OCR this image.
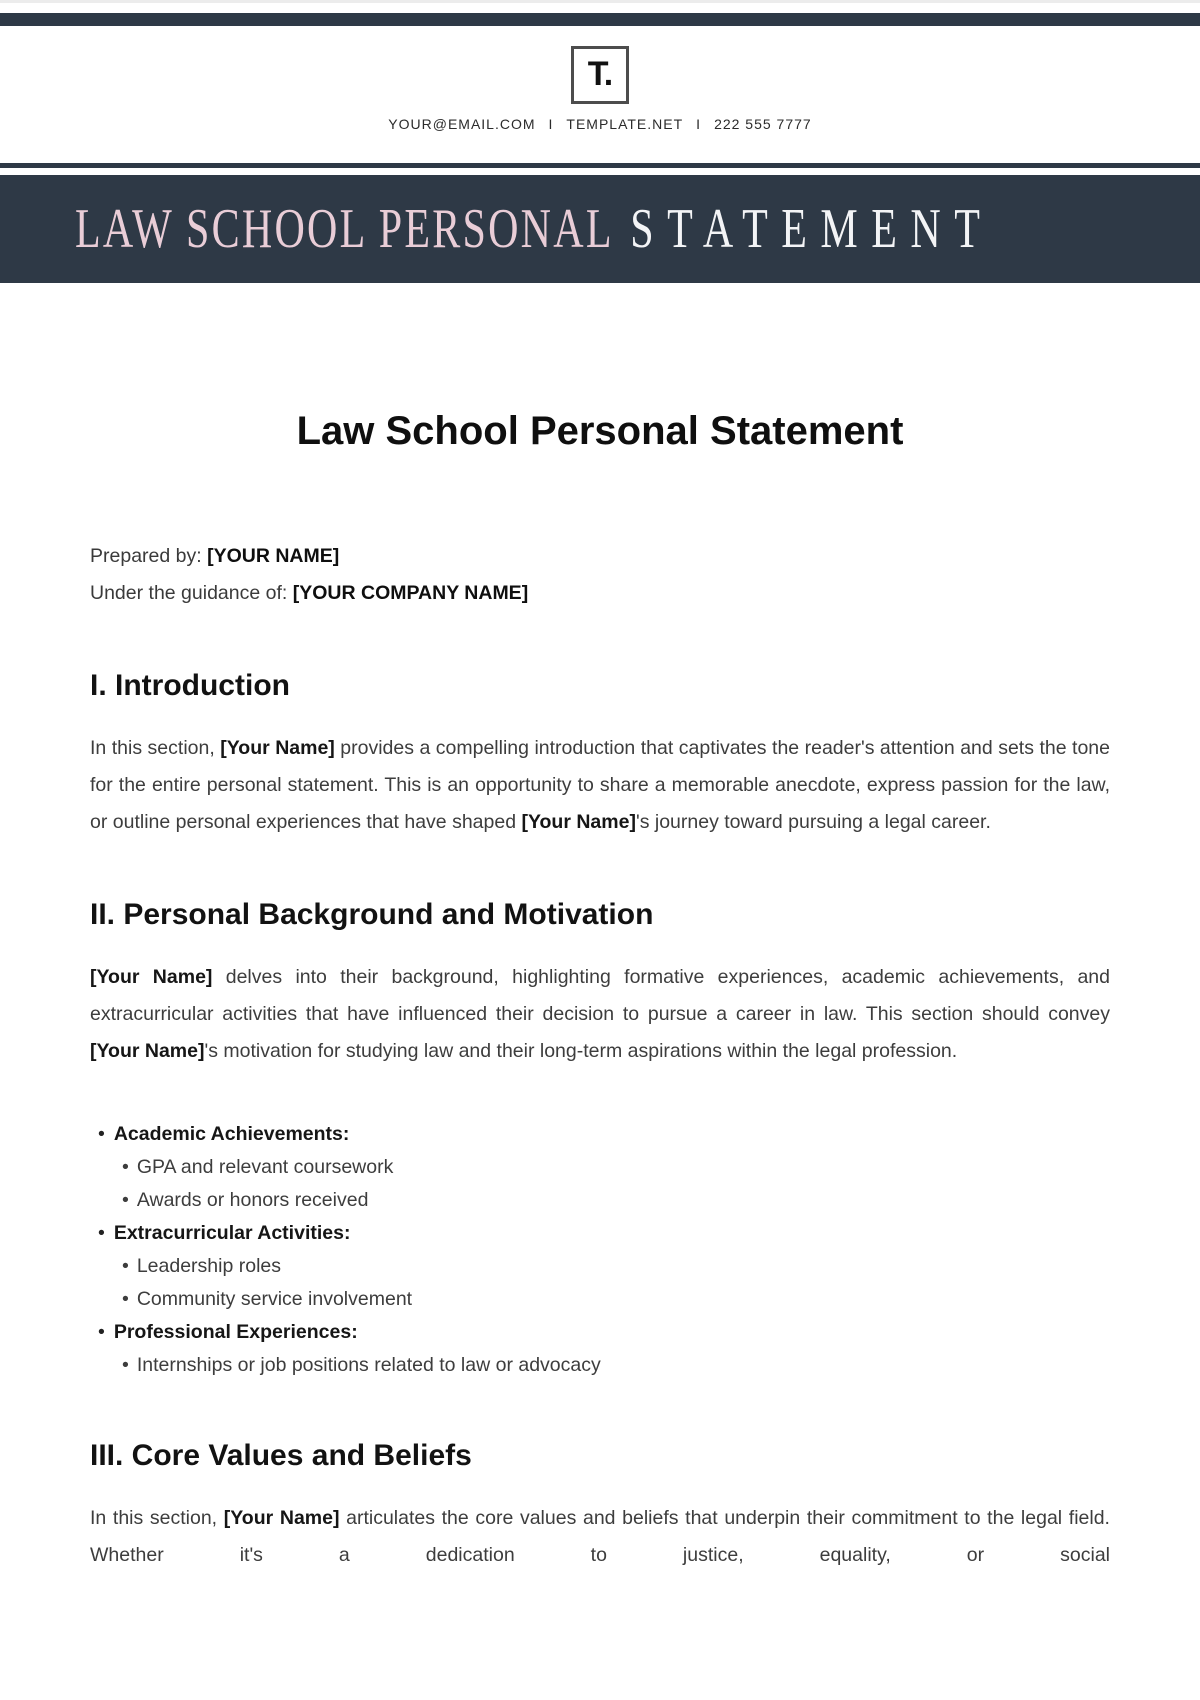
T.
YOUR@EMAIL.COM I TEMPLATE.NET I 222 555 7777
LAW SCHOOL PERSONAL STATEMENT
Law School Personal Statement
Prepared by: [YOUR NAME]
Under the guidance of: [YOUR COMPANY NAME]
I. Introduction

In this section, [Your Name] provides a compelling introduction that captivates the reader's attention and sets the tone for the entire personal statement. This is an opportunity to share a memorable anecdote, express passion for the law, or outline personal experiences that have shaped [Your Name]'s journey toward pursuing a legal career.

II. Personal Background and Motivation

[Your Name] delves into their background, highlighting formative experiences, academic achievements, and extracurricular activities that have influenced their decision to pursue a career in law. This section should convey [Your Name]'s motivation for studying law and their long-term aspirations within the legal profession.

• Academic Achievements:
• GPA and relevant coursework
• Awards or honors received
• Extracurricular Activities:
• Leadership roles
• Community service involvement
• Professional Experiences:
• Internships or job positions related to law or advocacy
III. Core Values and Beliefs

In this section, [Your Name] articulates the core values and beliefs that underpin their commitment to the legal field. Whether it's a dedication to justice, equality, or social
